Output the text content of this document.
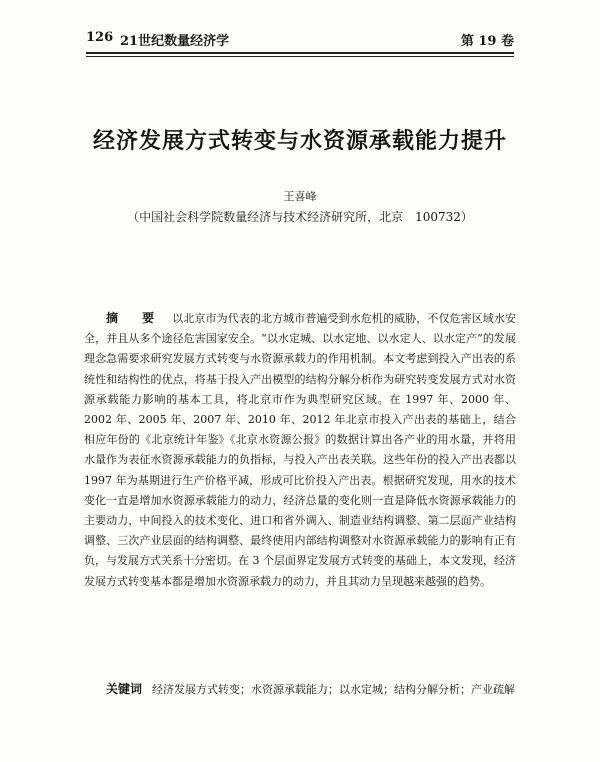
126 21世纪数量经济学	第 19 卷
经济发展方式转变与水资源承载能力提升
王喜峰
（中国社会科学院数量经济与技术经济研究所，北京　100732）
摘　要 以北京市为代表的北方城市普遍受到水危机的威胁，不仅危害区域水安全，并且从多个途径危害国家安全。“以水定城、以水定地、以水定人、以水定产”的发展理念急需要求研究发展方式转变与水资源承载力的作用机制。本文考虑到投入产出表的系统性和结构性的优点，将基于投入产出模型的结构分解分析作为研究转变发展方式对水资源承载能力影响的基本工具，将北京市作为典型研究区域。在 1997 年、2000 年、2002 年、2005 年、2007 年、2010 年、2012 年北京市投入产出表的基础上，结合相应年份的《北京统计年鉴》《北京水资源公报》的数据计算出各产业的用水量，并将用水量作为表征水资源承载能力的负指标，与投入产出表关联。这些年份的投入产出表都以 1997 年为基期进行生产价格平减，形成可比价投入产出表。根据研究发现，用水的技术变化一直是增加水资源承载能力的动力，经济总量的变化则一直是降低水资源承载能力的主要动力，中间投入的技术变化、进口和省外调入、制造业结构调整、第二层面产业结构调整、三次产业层面的结构调整、最终使用内部结构调整对水资源承载能力的影响有正有负，与发展方式关系十分密切。在 3 个层面界定发展方式转变的基础上，本文发现，经济发展方式转变基本都是增加水资源承载力的动力，并且其动力呈现越来越强的趋势。
关键词 经济发展方式转变；水资源承载能力；以水定城；结构分解分析；产业疏解
